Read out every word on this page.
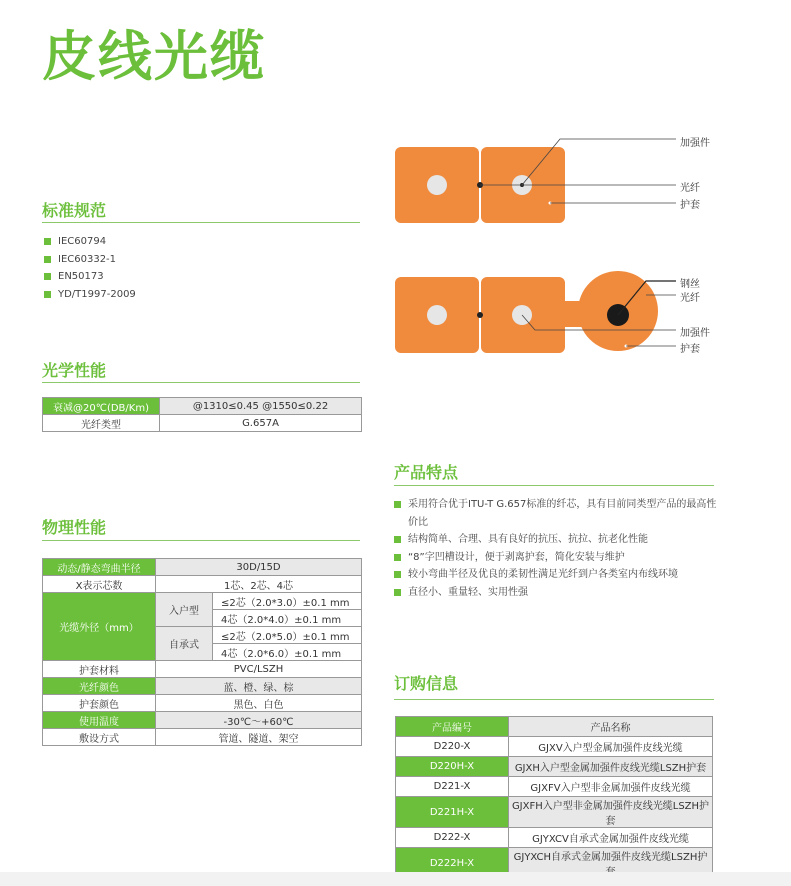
皮线光缆
标准规范
IEC60794
IEC60332-1
EN50173
YD/T1997-2009
光学性能
衰减@20℃(DB/Km)	@1310≤0.45 @1550≤0.22
光纤类型	G.657A
物理性能
动态/静态弯曲半径	30D/15D	
X表示芯数	1芯、2芯、4芯	
光缆外径（mm）	入户型	≤2芯（2.0*3.0）±0.1 mm
		4芯（2.0*4.0）±0.1 mm
	自承式	≤2芯（2.0*5.0）±0.1 mm
		4芯（2.0*6.0）±0.1 mm
护套材料	PVC/LSZH	
光纤颜色	蓝、橙、绿、棕	
护套颜色	黑色、白色	
使用温度	-30℃～+60℃	
敷设方式	管道、隧道、架空	
加强件
光纤
护套
钢丝
光纤
加强件
护套
产品特点
采用符合优于ITU-T G.657标准的纤芯，具有目前同类型产品的最高性价比
结构简单、合理、具有良好的抗压、抗拉、抗老化性能
“8”字凹槽设计，便于剥离护套，简化安装与维护
较小弯曲半径及优良的柔韧性满足光纤到户各类室内布线环境
直径小、重量轻、实用性强
订购信息
产品编号	产品名称
D220-X	GJXV入户型金属加强件皮线光缆
D220H-X	GJXH入户型金属加强件皮线光缆LSZH护套
D221-X	GJXFV入户型非金属加强件皮线光缆
D221H-X	GJXFH入户型非金属加强件皮线光缆LSZH护套
D222-X	GJYXCV自承式金属加强件皮线光缆
D222H-X	GJYXCH自承式金属加强件皮线光缆LSZH护
